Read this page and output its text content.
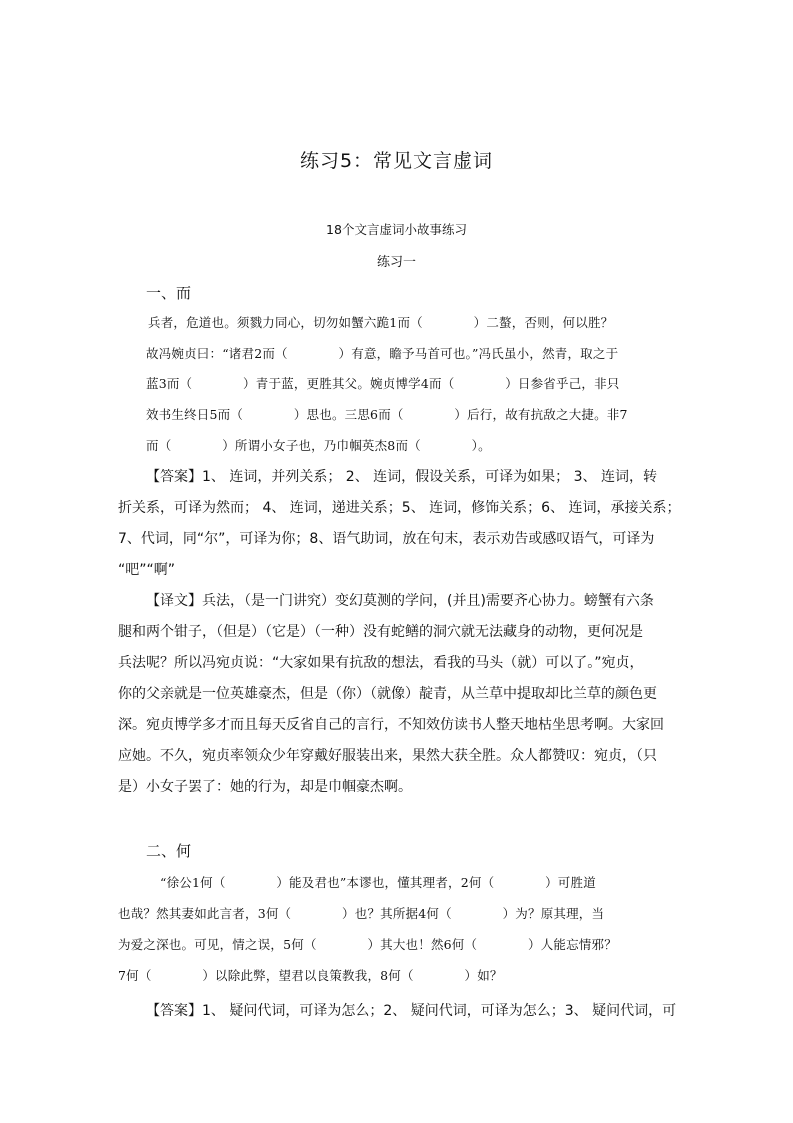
练习5：常见文言虚词
18个文言虚词小故事练习
练习一
一、而
兵者，危道也。须戮力同心，切勿如蟹六跪1而（　　　　）二螯，否则，何以胜？
故冯婉贞曰：“诸君2而（　　　　）有意，瞻予马首可也。”冯氏虽小，然青，取之于
蓝3而（　　　　）青于蓝，更胜其父。婉贞博学4而（　　　　）日参省乎己，非只
效书生终日5而（　　　　）思也。三思6而（　　　　）后行，故有抗敌之大捷。非7
而（　　　　）所谓小女子也，乃巾帼英杰8而（　　　　）。
【答案】1、 连词，并列关系； 2、 连词，假设关系，可译为如果； 3、 连词，转
折关系，可译为然而； 4、 连词，递进关系；5、 连词，修饰关系；6、 连词，承接关系；
7、代词，同“尔”，可译为你；8、语气助词，放在句末，表示劝告或感叹语气，可译为
“吧”“啊”
【译文】兵法，（是一门讲究）变幻莫测的学问，(并且)需要齐心协力。螃蟹有六条
腿和两个钳子，（但是）（它是）（一种）没有蛇鳝的洞穴就无法藏身的动物，更何况是
兵法呢？所以冯宛贞说：“大家如果有抗敌的想法，看我的马头（就）可以了。”宛贞，
你的父亲就是一位英雄豪杰，但是（你）（就像）靛青，从兰草中提取却比兰草的颜色更
深。宛贞博学多才而且每天反省自己的言行，不知效仿读书人整天地枯坐思考啊。大家回
应她。不久，宛贞率领众少年穿戴好服装出来，果然大获全胜。众人都赞叹：宛贞，（只
是）小女子罢了：她的行为，却是巾帼豪杰啊。
二、何
“徐公1何（　　　　）能及君也”本谬也，懂其理者，2何（　　　　）可胜道
也哉？然其妻如此言者，3何（　　　　）也？其所据4何（　　　　）为？原其理，当
为爱之深也。可见，情之误，5何（　　　　）其大也！然6何（　　　　）人能忘情邪？
7何（　　　　）以除此弊，望君以良策教我，8何（　　　　）如？
【答案】1、 疑问代词，可译为怎么；2、 疑问代词，可译为怎么；3、 疑问代词，可
